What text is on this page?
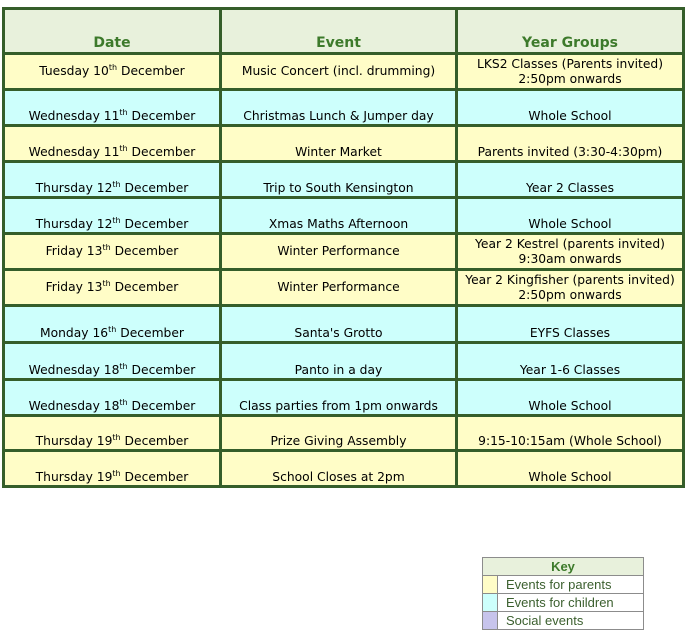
Date	Event	Year Groups
Tuesday 10th December	Music Concert (incl. drumming)	LKS2 Classes (Parents invited)
2:50pm onwards

Wednesday 11th December	Christmas Lunch & Jumper day	Whole School

Wednesday 11th December	Winter Market	Parents invited (3:30-4:30pm)

Thursday 12th December	Trip to South Kensington	Year 2 Classes

Thursday 12th December	Xmas Maths Afternoon	Whole School

Friday 13th December	Winter Performance	Year 2 Kestrel (parents invited)
9:30am onwards

Friday 13th December	Winter Performance	Year 2 Kingfisher (parents invited)
2:50pm onwards

Monday 16th December	Santa's Grotto	EYFS Classes

Wednesday 18th December	Panto in a day	Year 1-6 Classes

Wednesday 18th December	Class parties from 1pm onwards	Whole School

Thursday 19th December	Prize Giving Assembly	9:15-10:15am (Whole School)

Thursday 19th December	School Closes at 2pm	Whole School
Key	
	Events for parents
	Events for children
	Social events
